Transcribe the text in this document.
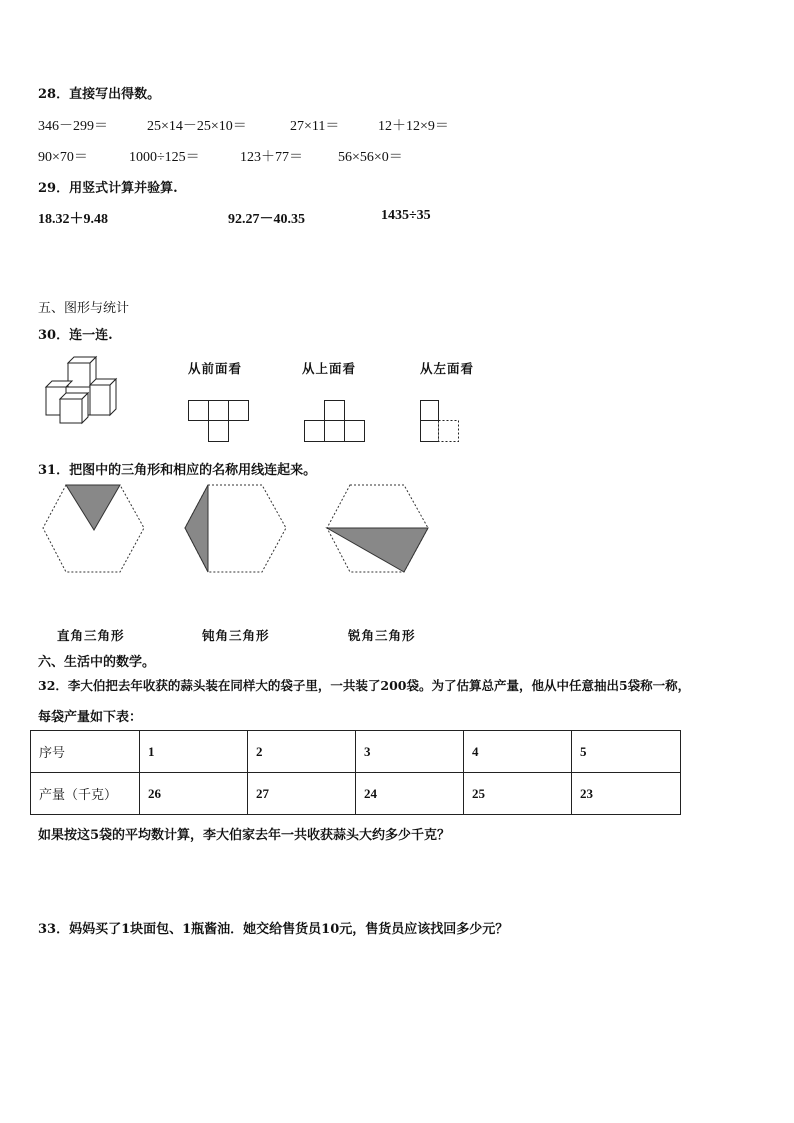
28．直接写出得数。
346－299＝	25×14－25×10＝	27×11＝	12＋12×9＝
90×70＝	1000÷125＝	123＋77＝	56×56×0＝
29．用竖式计算并验算.
18.32＋9.48	92.27－40.35	1435÷35
五、图形与统计
30．连一连.
从前面看	从上面看	从左面看
31．把图中的三角形和相应的名称用线连起来。
直角三角形	钝角三角形	锐角三角形
六、生活中的数学。
32．李大伯把去年收获的蒜头装在同样大的袋子里，一共装了200袋。为了估算总产量，他从中任意抽出5袋称一称，
每袋产量如下表：
序号	1	2	3	4	5
产量（千克）	26	27	24	25	23
如果按这5袋的平均数计算，李大伯家去年一共收获蒜头大约多少千克？
33．妈妈买了1块面包、1瓶酱油．她交给售货员10元，售货员应该找回多少元？
